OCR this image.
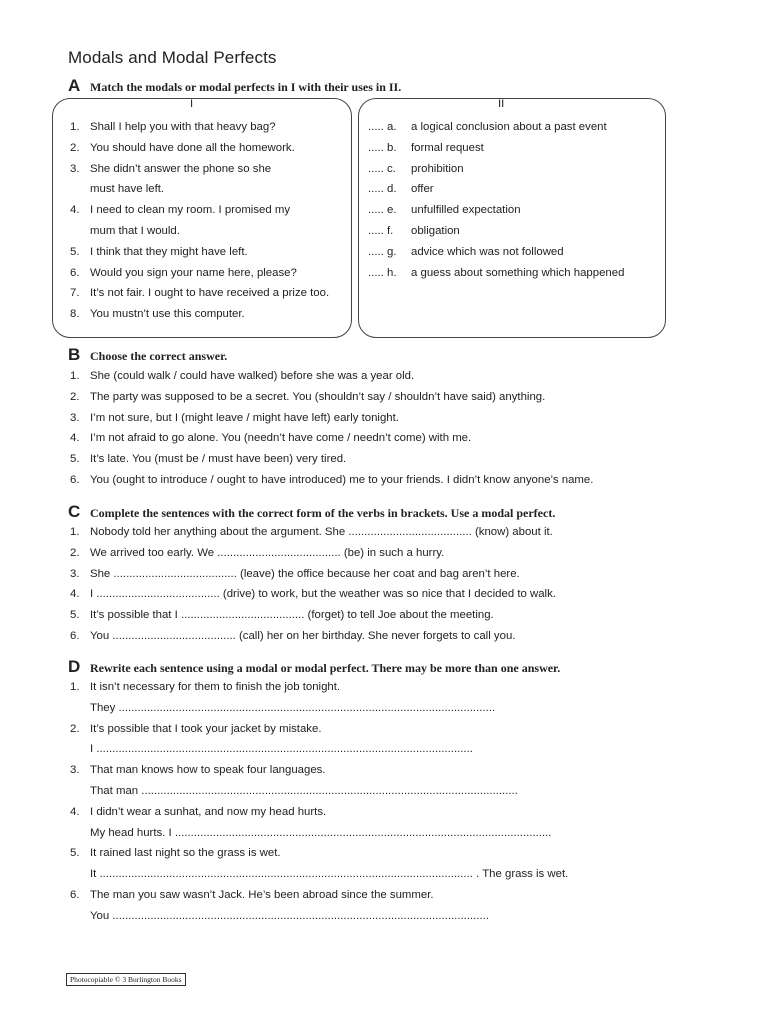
Modals and Modal Perfects
A Match the modals or modal perfects in I with their uses in II.
I	II
1. Shall I help you with that heavy bag?
2. You should have done all the homework.
3. She didn’t answer the phone so she
must have left.
4. I need to clean my room. I promised my
mum that I would.
5. I think that they might have left.
6. Would you sign your name here, please?
7. It’s not fair. I ought to have received a prize too.
8. You mustn’t use this computer.
..... a. a logical conclusion about a past event
..... b. formal request
..... c. prohibition
..... d. offer
..... e. unfulfilled expectation
..... f. obligation
..... g. advice which was not followed
..... h. a guess about something which happened
B Choose the correct answer.
1. She (could walk / could have walked) before she was a year old.
2. The party was supposed to be a secret. You (shouldn’t say / shouldn’t have said) anything.
3. I’m not sure, but I (might leave / might have left) early tonight.
4. I’m not afraid to go alone. You (needn’t have come / needn’t come) with me.
5. It’s late. You (must be / must have been) very tired.
6. You (ought to introduce / ought to have introduced) me to your friends. I didn’t know anyone’s name.
C Complete the sentences with the correct form of the verbs in brackets. Use a modal perfect.
1. Nobody told her anything about the argument. She ....................................... (know) about it.
2. We arrived too early. We ....................................... (be) in such a hurry.
3. She ....................................... (leave) the office because her coat and bag aren’t here.
4. I ....................................... (drive) to work, but the weather was so nice that I decided to walk.
5. It’s possible that I ....................................... (forget) to tell Joe about the meeting.
6. You ....................................... (call) her on her birthday. She never forgets to call you.
D Rewrite each sentence using a modal or modal perfect. There may be more than one answer.
1. It isn’t necessary for them to finish the job tonight.
They .......................................................................................................................
2. It’s possible that I took your jacket by mistake.
I .......................................................................................................................
3. That man knows how to speak four languages.
That man .......................................................................................................................
4. I didn’t wear a sunhat, and now my head hurts.
My head hurts. I .......................................................................................................................
5. It rained last night so the grass is wet.
It ...................................................................................................................... . The grass is wet.
6. The man you saw wasn’t Jack. He’s been abroad since the summer.
You .......................................................................................................................
Photocopiable © 3 Burlington Books
